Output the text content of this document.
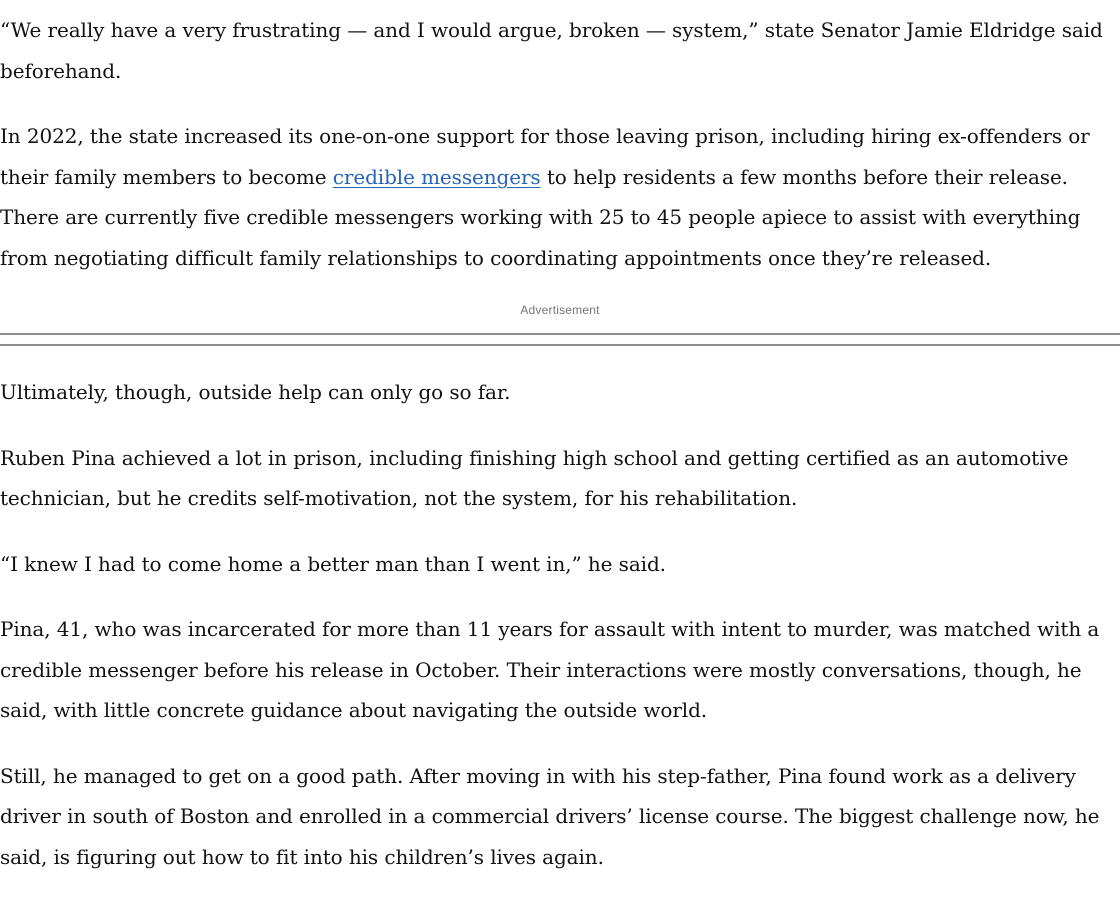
“We really have a very frustrating — and I would argue, broken — system,” state Senator Jamie Eldridge said beforehand.

In 2022, the state increased its one-on-one support for those leaving prison, including hiring ex-offenders or their family members to become credible messengers to help residents a few months before their release. There are currently five credible messengers working with 25 to 45 people apiece to assist with everything from negotiating difficult family relationships to coordinating appointments once they’re released.

Advertisement

Ultimately, though, outside help can only go so far.

Ruben Pina achieved a lot in prison, including finishing high school and getting certified as an automotive technician, but he credits self-motivation, not the system, for his rehabilitation.

“I knew I had to come home a better man than I went in,” he said.

Pina, 41, who was incarcerated for more than 11 years for assault with intent to murder, was matched with a credible messenger before his release in October. Their interactions were mostly conversations, though, he said, with little concrete guidance about navigating the outside world.

Still, he managed to get on a good path. After moving in with his step-father, Pina found work as a delivery driver in south of Boston and enrolled in a commercial drivers’ license course. The biggest challenge now, he said, is figuring out how to fit into his children’s lives again.
